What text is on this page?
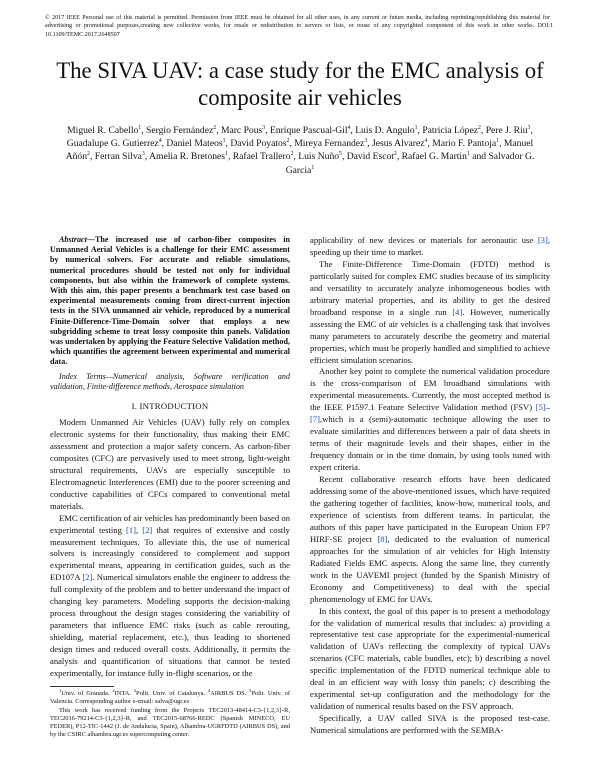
© 2017 IEEE Personal use of this material is permitted. Permission from IEEE must be obtained for all other uses, in any current or future media, including reprinting/republishing this material for advertising or promotional purposes,creating new collective works, for resale or redistribution to servers or lists, or reuse of any copyrighted component of this work in other works. DOI: 10.1109/TEMC.2017.2648507
1
The SIVA UAV: a case study for the EMC analysis of composite air vehicles
Miguel R. Cabello$^1$, Sergio Fernández$^2$, Marc Pous$^3$, Enrique Pascual-Gil$^4$, Luis D. Angulo$^1$, Patricia López$^2$, Pere J. Riu$^3$, Guadalupe G. Gutierrez$^4$, Daniel Mateos$^1$, David Poyatos$^2$, Mireya Fernandez$^3$, Jesus Alvarez$^4$, Mario F. Pantoja$^1$, Manuel Añón$^2$, Ferran Silva$^3$, Amelia R. Bretones$^1$, Rafael Trallero$^2$, Luis Nuño$^5$, David Escot$^2$, Rafael G. Martin$^1$ and Salvador G. Garcia$^1$

Abstract—The increased use of carbon-fiber composites in Unmanned Aerial Vehicles is a challenge for their EMC assessment by numerical solvers. For accurate and reliable simulations, numerical procedures should be tested not only for individual components, but also within the framework of complete systems. With this aim, this paper presents a benchmark test case based on experimental measurements coming from direct-current injection tests in the SIVA unmanned air vehicle, reproduced by a numerical Finite-Difference-Time-Domain solver that employs a new subgridding scheme to treat lossy composite thin panels. Validation was undertaken by applying the Feature Selective Validation method, which quantifies the agreement between experimental and numerical data.

Index Terms—Numerical analysis, Software verification and validation, Finite-difference methods, Aerospace simulation

I. INTRODUCTION

Modern Unmanned Air Vehicles (UAV) fully rely on complex electronic systems for their functionality, thus making their EMC assessment and protection a major safety concern. As carbon-fiber composites (CFC) are pervasively used to meet strong, light-weight structural requirements, UAVs are especially susceptible to Electromagnetic Interferences (EMI) due to the poorer screening and conductive capabilities of CFCs compared to conventional metal materials.

EMC certification of air vehicles has predominantly been based on experimental testing [1], [2] that requires of extensive and costly measurement techniques. To alleviate this, the use of numerical solvers is increasingly considered to complement and support experimental means, appearing in certification guides, such as the ED107A [2]. Numerical simulators enable the engineer to address the full complexity of the problem and to better understand the impact of changing key parameters. Modeling supports the decision-making process throughout the design stages considering the variability of parameters that influence EMC risks (such as cable rerouting, shielding, material replacement, etc.), thus leading to shortened design times and reduced overall costs. Additionally, it permits the analysis and quantification of situations that cannot be tested experimentally, for instance fully in-flight scenarios, or the

$^1$Univ. of Granada. $^2$INTA. $^3$Polit. Univ. of Catalunya. $^4$AIRBUS DS. $^5$Polit. Univ. of Valencia. Corresponding author s-email: salva@ugr.es

This work has received funding from the Projects TEC2013-48414-C3-{1,2,3}-R, TEC2016-79214-C3-{1,2,3}-R, and TEC2015-68766-REDC (Spanish MINECO, EU FEDER), P12-TIC-1442 (J. de Andalucia, Spain), Alhambra-UGRFDTD (AIRBUS DS), and by the CSIRC alhambra.ugr.es supercomputing center.

applicability of new devices or materials for aeronautic use [3], speeding up their time to market.

The Finite-Difference Time-Domain (FDTD) method is particularly suited for complex EMC studies because of its simplicity and versatility to accurately analyze inhomogeneous bodies with arbitrary material properties, and its ability to get the desired broadband response in a single run [4]. However, numerically assessing the EMC of air vehicles is a challenging task that involves many parameters to accurately describe the geometry and material properties, which must be properly handled and simplified to achieve efficient simulation scenarios.

Another key point to complete the numerical validation procedure is the cross-comparison of EM broadband simulations with experimental measurements. Currently, the most accepted method is the IEEE P1597.1 Feature Selective Validation method (FSV) [5]–[7],which is a (semi)-automatic technique allowing the user to evaluate similarities and differences between a pair of data sheets in terms of their magnitude levels and their shapes, either in the frequency domain or in the time domain, by using tools tuned with expert criteria.

Recent collaborative research efforts have been dedicated addressing some of the above-mentioned issues, which have required the gathering together of facilities, know-how, numerical tools, and experience of scientists from different teams. In particular, the authors of this paper have participated in the European Union FP7 HIRF-SE project [8], dedicated to the evaluation of numerical approaches for the simulation of air vehicles for High Intensity Radiated Fields EMC aspects. Along the same line, they currently work in the UAVEMI project (funded by the Spanish Ministry of Economy and Competitiveness) to deal with the special phenomenology of EMC for UAVs.

In this context, the goal of this paper is to present a methodology for the validation of numerical results that includes: a) providing a representative test case appropriate for the experimental-numerical validation of UAVs reflecting the complexity of typical UAVs scenarios (CFC materials, cable bundles, etc); b) describing a novel specific implementation of the FDTD numerical technique able to deal in an efficient way with lossy thin panels; c) describing the experimental set-up configuration and the methodology for the validation of numerical results based on the FSV approach.

Specifically, a UAV called SIVA is the proposed test-case. Numerical simulations are performed with the SEMBA-
